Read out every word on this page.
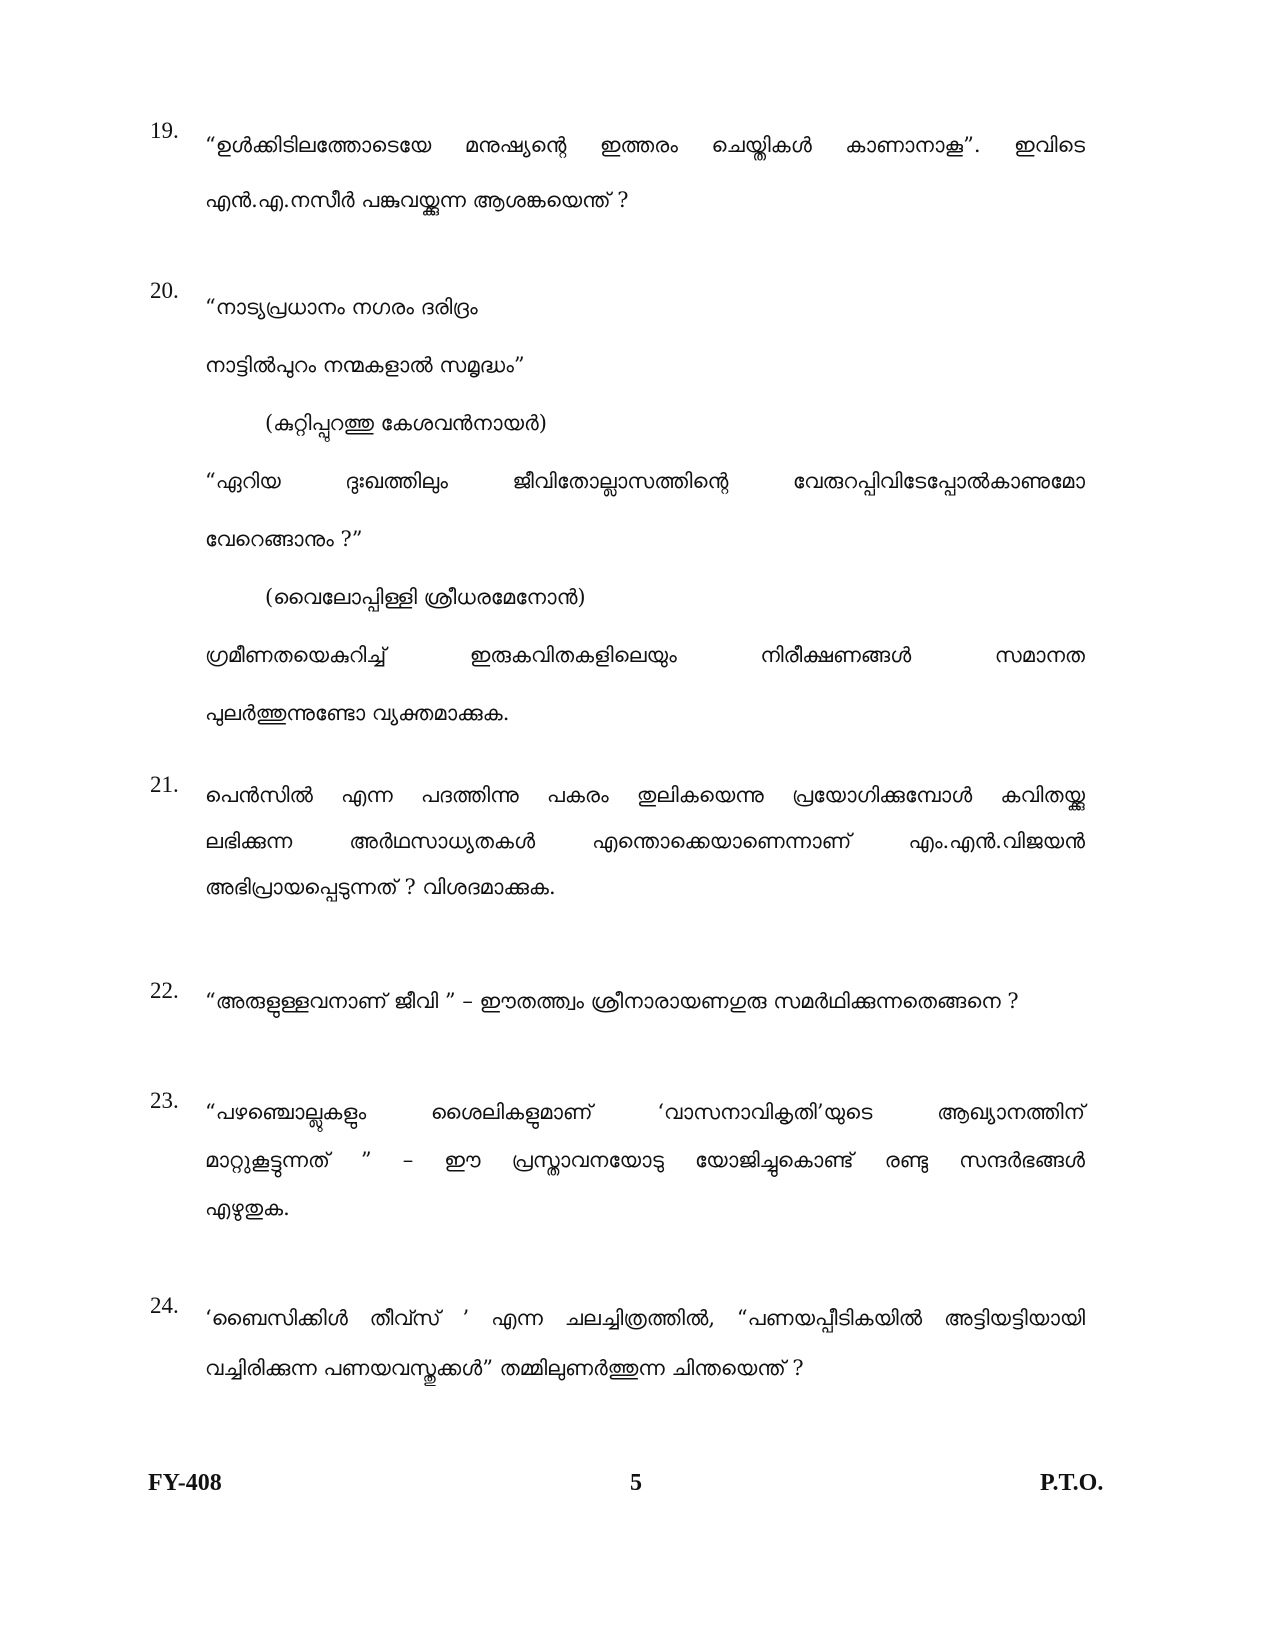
19.
“ഉൾക്കിടിലത്തോടെയേ മനുഷ്യന്റെ ഇത്തരം ചെയ്തികൾ കാണാനാകൂ”. ഇവിടെ
എൻ.എ.നസീർ പങ്കുവയ്ക്കുന്ന ആശങ്കയെന്ത് ?
20.
“നാട്യപ്രധാനം നഗരം ദരിദ്രം
നാട്ടിൽപുറം നന്മകളാൽ സമൃദ്ധം”
(കുറ്റിപ്പുറത്തു കേശവൻനായർ)
“ഏറിയ	ദുഃഖത്തിലും	ജീവിതോല്ലാസത്തിന്റെ	വേരുറപ്പിവിടേപ്പോൽകാണുമോ
വേറെങ്ങാനും ?”
(വൈലോപ്പിള്ളി ശ്രീധരമേനോൻ)
ഗ്രമീണതയെകുറിച്ച്	ഇരുകവിതകളിലെയും	നിരീക്ഷണങ്ങൾ	സമാനത
പുലർത്തുന്നുണ്ടോ വ്യക്തമാക്കുക.
21. പെൻസിൽ എന്ന പദത്തിന്നു പകരം തുലികയെന്നു പ്രയോഗിക്കുമ്പോൾ കവിതയ്ക്കു
ലഭിക്കുന്ന	അർഥസാധ്യതകൾ	എന്തൊക്കെയാണെന്നാണ്	എം.എൻ.വിജയൻ
അഭിപ്രായപ്പെടുന്നത് ? വിശദമാക്കുക.
22. “അരുളുള്ളവനാണ് ജീവി ” – ഈതത്ത്വം ശ്രീനാരായണഗുരു സമർഥിക്കുന്നതെങ്ങനെ ?
23. “പഴഞ്ചൊല്ലുകളും	ശൈലികളുമാണ്	‘വാസനാവികൃതി’യുടെ	ആഖ്യാനത്തിന്
മാറ്റുകൂട്ടുന്നത് ” – ഈ പ്രസ്താവനയോടു യോജിച്ചുകൊണ്ട് രണ്ടു സന്ദർഭങ്ങൾ
എഴുതുക.
24. ‘ബൈസിക്കിൾ തീവ്സ് ’ എന്ന ചലച്ചിത്രത്തിൽ, “പണയപ്പീടികയിൽ അട്ടിയട്ടിയായി
വച്ചിരിക്കുന്ന പണയവസ്തുക്കൾ” തമ്മിലുണർത്തുന്ന ചിന്തയെന്ത് ?
FY-408	5	P.T.O.
